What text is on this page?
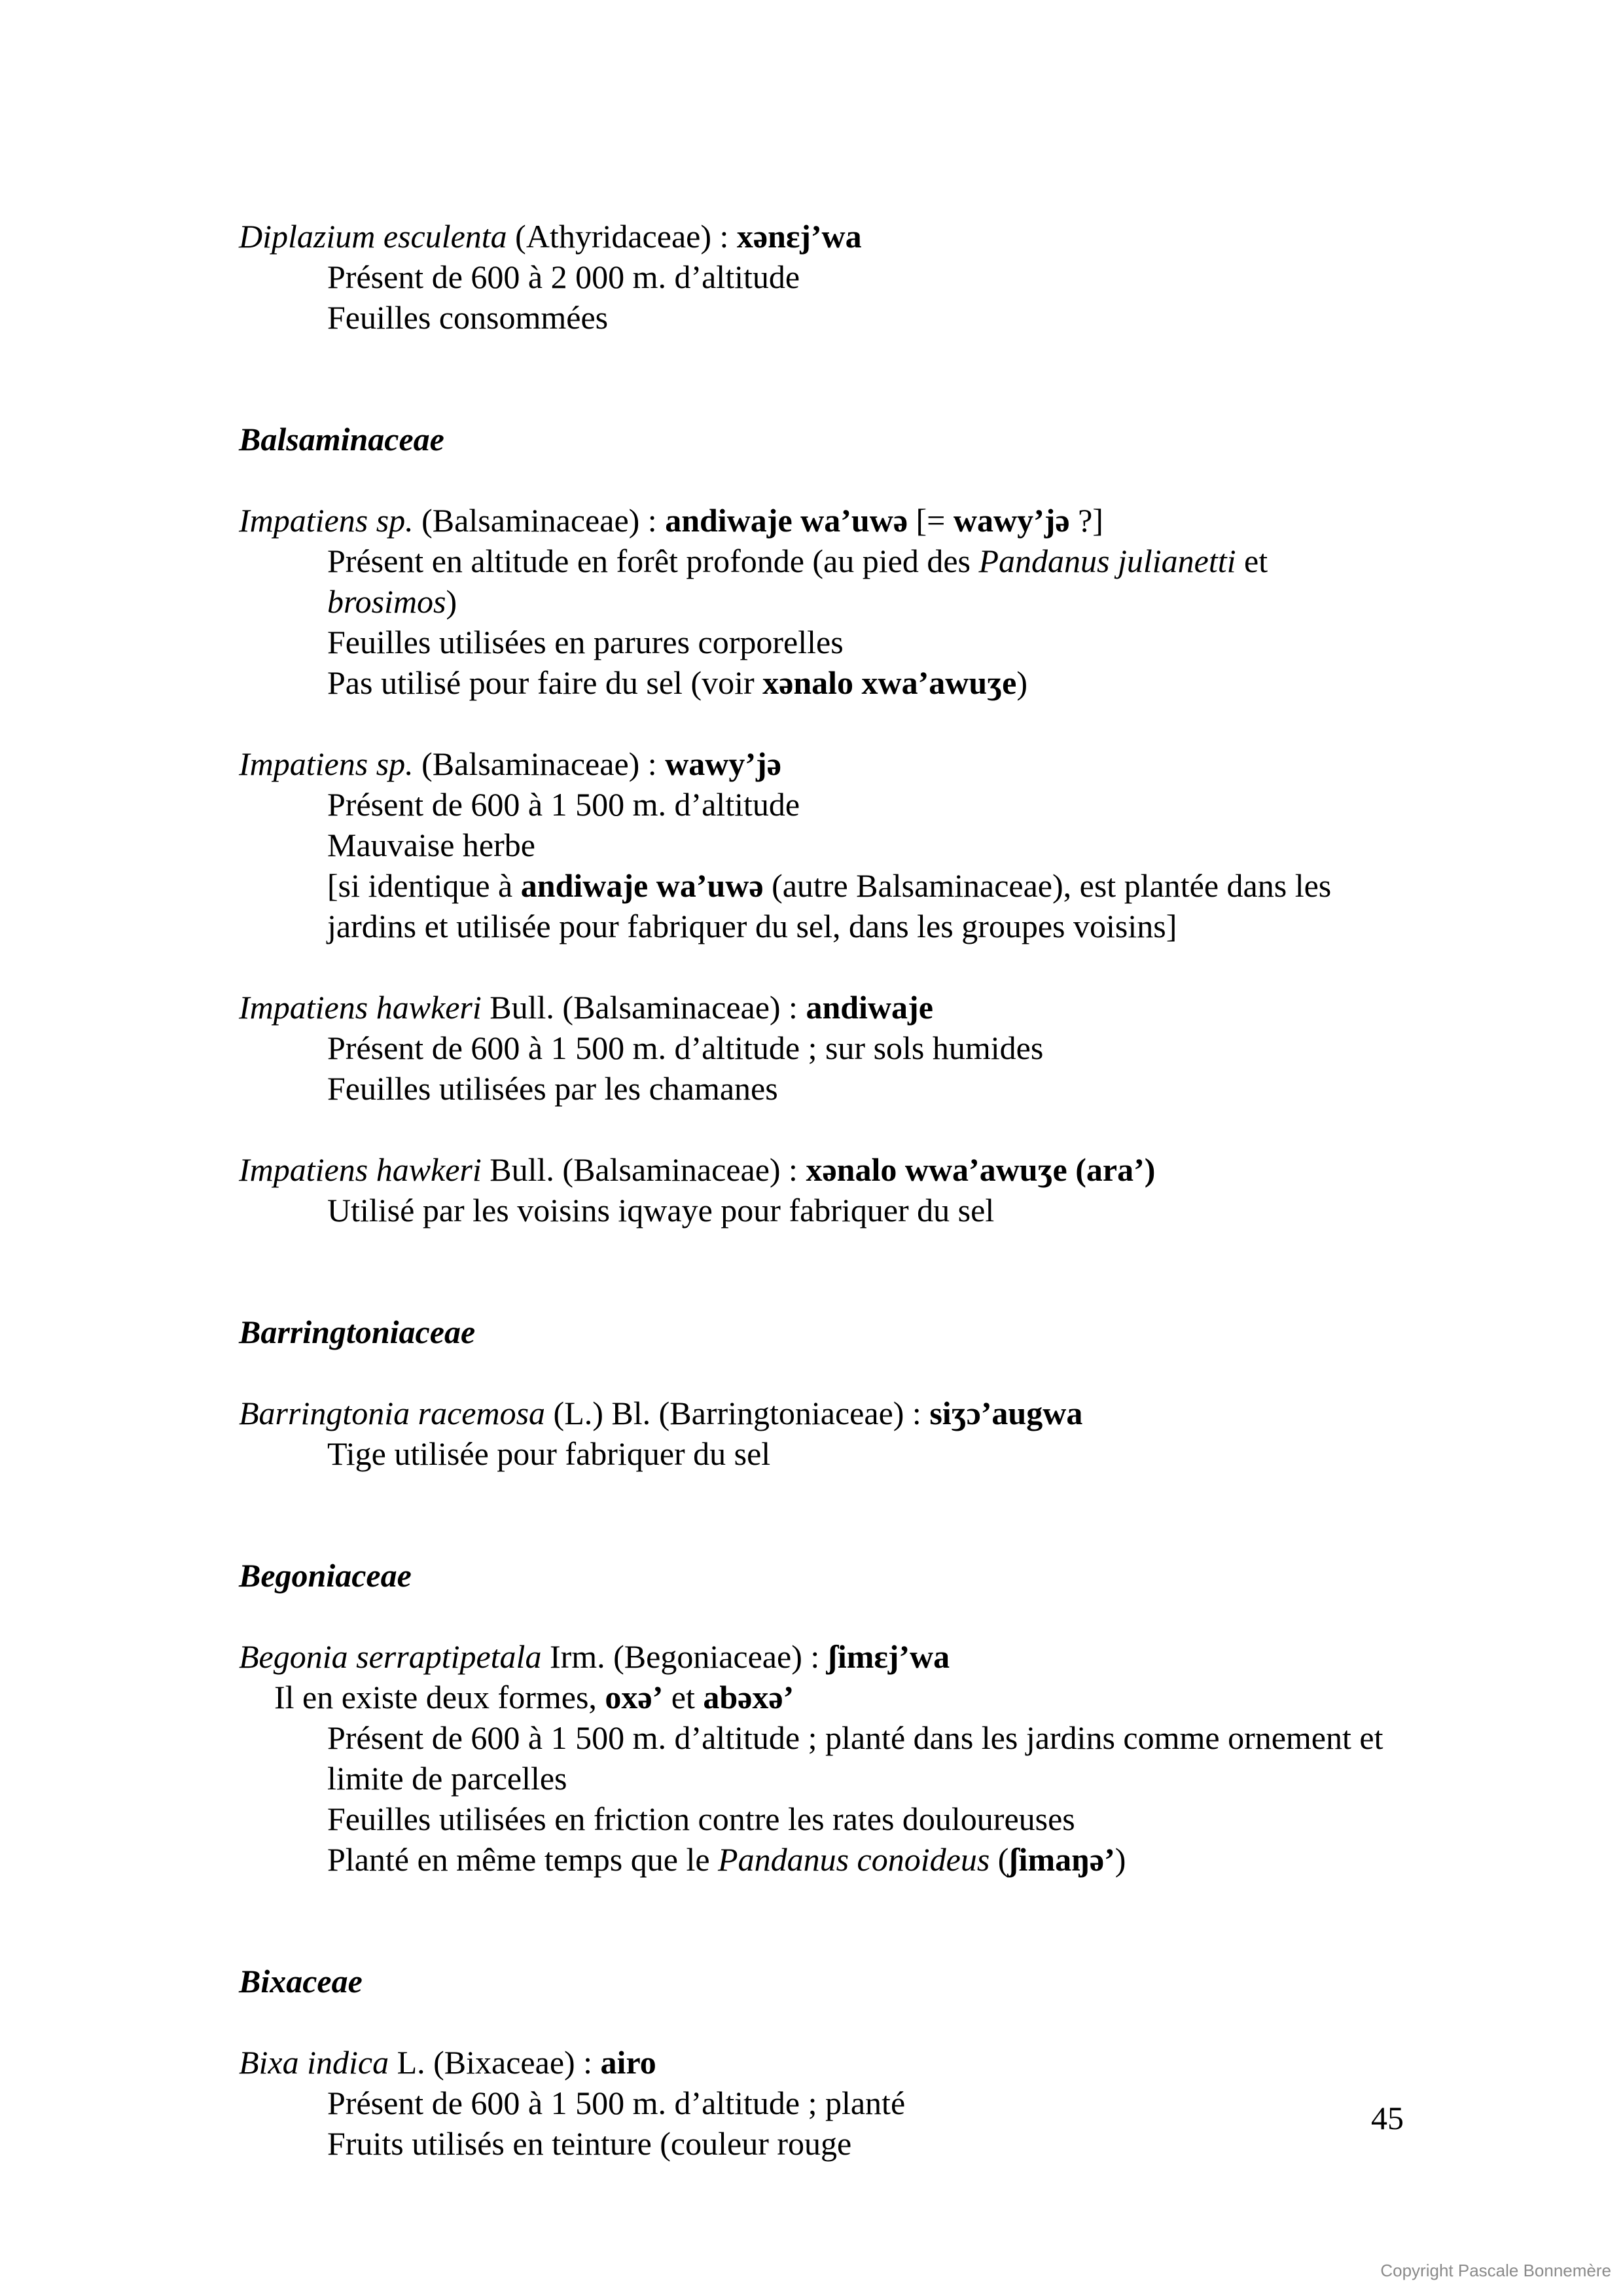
Diplazium esculenta (Athyridaceae) : xənɛj’wa
Présent de 600 à 2 000 m. d’altitude
Feuilles consommées
Balsaminaceae
Impatiens sp. (Balsaminaceae) : andiwaje wa’uwə [= wawy’jə ?]
Présent en altitude en forêt profonde (au pied des Pandanus julianetti et
brosimos)
Feuilles utilisées en parures corporelles
Pas utilisé pour faire du sel (voir xənalo xwa’awuʒe)
Impatiens sp. (Balsaminaceae) : wawy’jə
Présent de 600 à 1 500 m. d’altitude
Mauvaise herbe
[si identique à andiwaje wa’uwə (autre Balsaminaceae), est plantée dans les
jardins et utilisée pour fabriquer du sel, dans les groupes voisins]
Impatiens hawkeri Bull. (Balsaminaceae) : andiwaje
Présent de 600 à 1 500 m. d’altitude ; sur sols humides
Feuilles utilisées par les chamanes
Impatiens hawkeri Bull. (Balsaminaceae) : xənalo wwa’awuʒe (ara’)
Utilisé par les voisins iqwaye pour fabriquer du sel
Barringtoniaceae
Barringtonia racemosa (L.) Bl. (Barringtoniaceae) : siʒɔ’augwa
Tige utilisée pour fabriquer du sel
Begoniaceae
Begonia serraptipetala Irm. (Begoniaceae) : ʃimɛj’wa
Il en existe deux formes, oxə’ et abəxə’
Présent de 600 à 1 500 m. d’altitude ; planté dans les jardins comme ornement et
limite de parcelles
Feuilles utilisées en friction contre les rates douloureuses
Planté en même temps que le Pandanus conoideus (ʃimaŋə’)
Bixaceae
Bixa indica L. (Bixaceae) : airo
Présent de 600 à 1 500 m. d’altitude ; planté
Fruits utilisés en teinture (couleur rouge
45
Copyright Pascale Bonnemère
